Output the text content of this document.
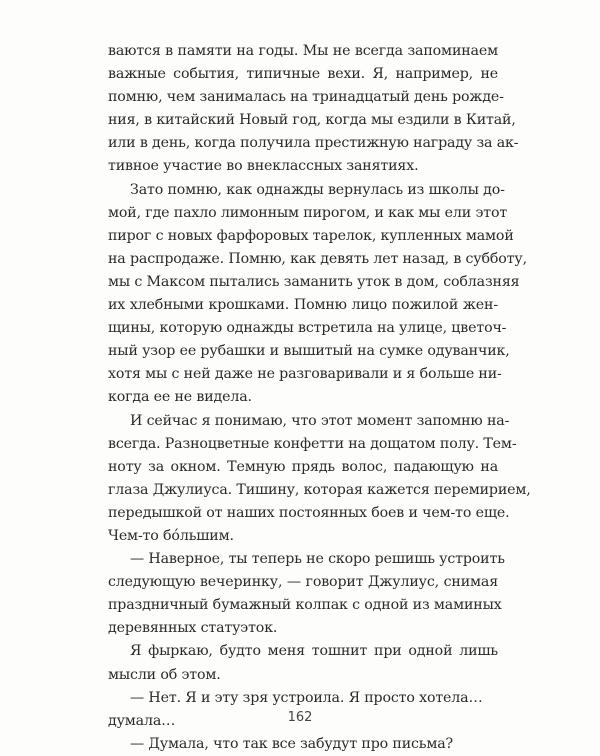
ваются в памяти на годы. Мы не всегда запоминаем
важные события, типичные вехи. Я, например, не
помню, чем занималась на тринадцатый день рожде-
ния, в китайский Новый год, когда мы ездили в Китай,
или в день, когда получила престижную награду за ак-
тивное участие во внеклассных занятиях.
Зато помню, как однажды вернулась из школы до-
мой, где пахло лимонным пирогом, и как мы ели этот
пирог с новых фарфоровых тарелок, купленных мамой
на распродаже. Помню, как девять лет назад, в субботу,
мы с Максом пытались заманить уток в дом, соблазняя
их хлебными крошками. Помню лицо пожилой жен-
щины, которую однажды встретила на улице, цветоч-
ный узор ее рубашки и вышитый на сумке одуванчик,
хотя мы с ней даже не разговаривали и я больше ни-
когда ее не видела.
И сейчас я понимаю, что этот момент запомню на-
всегда. Разноцветные конфетти на дощатом полу. Тем-
ноту за окном. Темную прядь волос, падающую на
глаза Джулиуса. Тишину, которая кажется перемирием,
передышкой от наших постоянных боев и чем-то еще.
Чем-то бóльшим.
— Наверное, ты теперь не скоро решишь устроить
следующую вечеринку, — говорит Джулиус, снимая
праздничный бумажный колпак с одной из маминых
деревянных статуэток.
Я фыркаю, будто меня тошнит при одной лишь
мысли об этом.
— Нет. Я и эту зря устроила. Я просто хотела…
думала…
— Думала, что так все забудут про письма?
162
